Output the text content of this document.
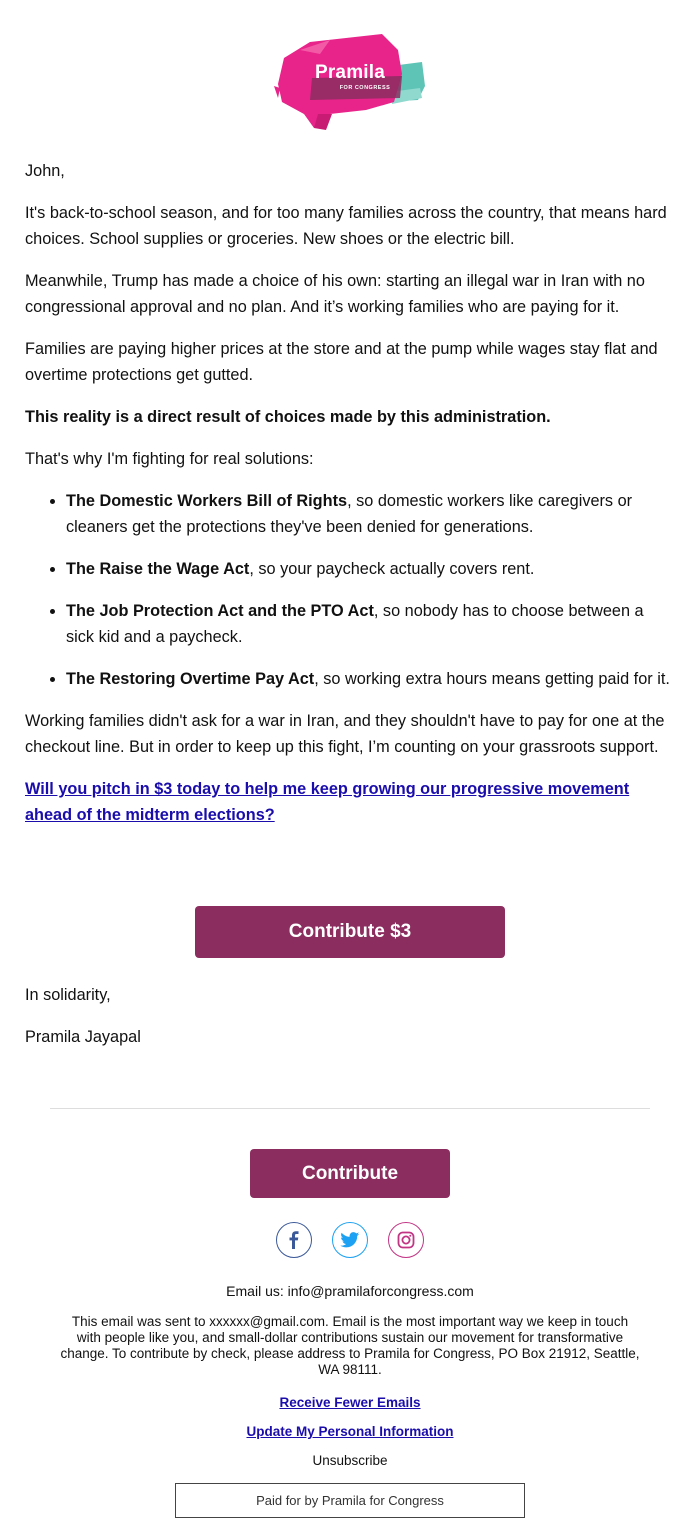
Pramila
FOR CONGRESS

John,

It's back-to-school season, and for too many families across the country, that means hard choices. School supplies or groceries. New shoes or the electric bill.

Meanwhile, Trump has made a choice of his own: starting an illegal war in Iran with no congressional approval and no plan. And it’s working families who are paying for it.

Families are paying higher prices at the store and at the pump while wages stay flat and overtime protections get gutted.

This reality is a direct result of choices made by this administration.

That's why I'm fighting for real solutions:

• The Domestic Workers Bill of Rights, so domestic workers like caregivers or cleaners get the protections they've been denied for generations.
• The Raise the Wage Act, so your paycheck actually covers rent.
• The Job Protection Act and the PTO Act, so nobody has to choose between a sick kid and a paycheck.
• The Restoring Overtime Pay Act, so working extra hours means getting paid for it.

Working families didn't ask for a war in Iran, and they shouldn't have to pay for one at the checkout line. But in order to keep up this fight, I’m counting on your grassroots support.

Will you pitch in $3 today to help me keep growing our progressive movement ahead of the midterm elections?

Contribute $3

In solidarity,

Pramila Jayapal

Contribute
Email us: info@pramilaforcongress.com
This email was sent to xxxxxx@gmail.com. Email is the most important way we keep in touch with people like you, and small-dollar contributions sustain our movement for transformative change. To contribute by check, please address to Pramila for Congress, PO Box 21912, Seattle, WA 98111.
Receive Fewer Emails
Update My Personal Information
Unsubscribe
Paid for by Pramila for Congress
